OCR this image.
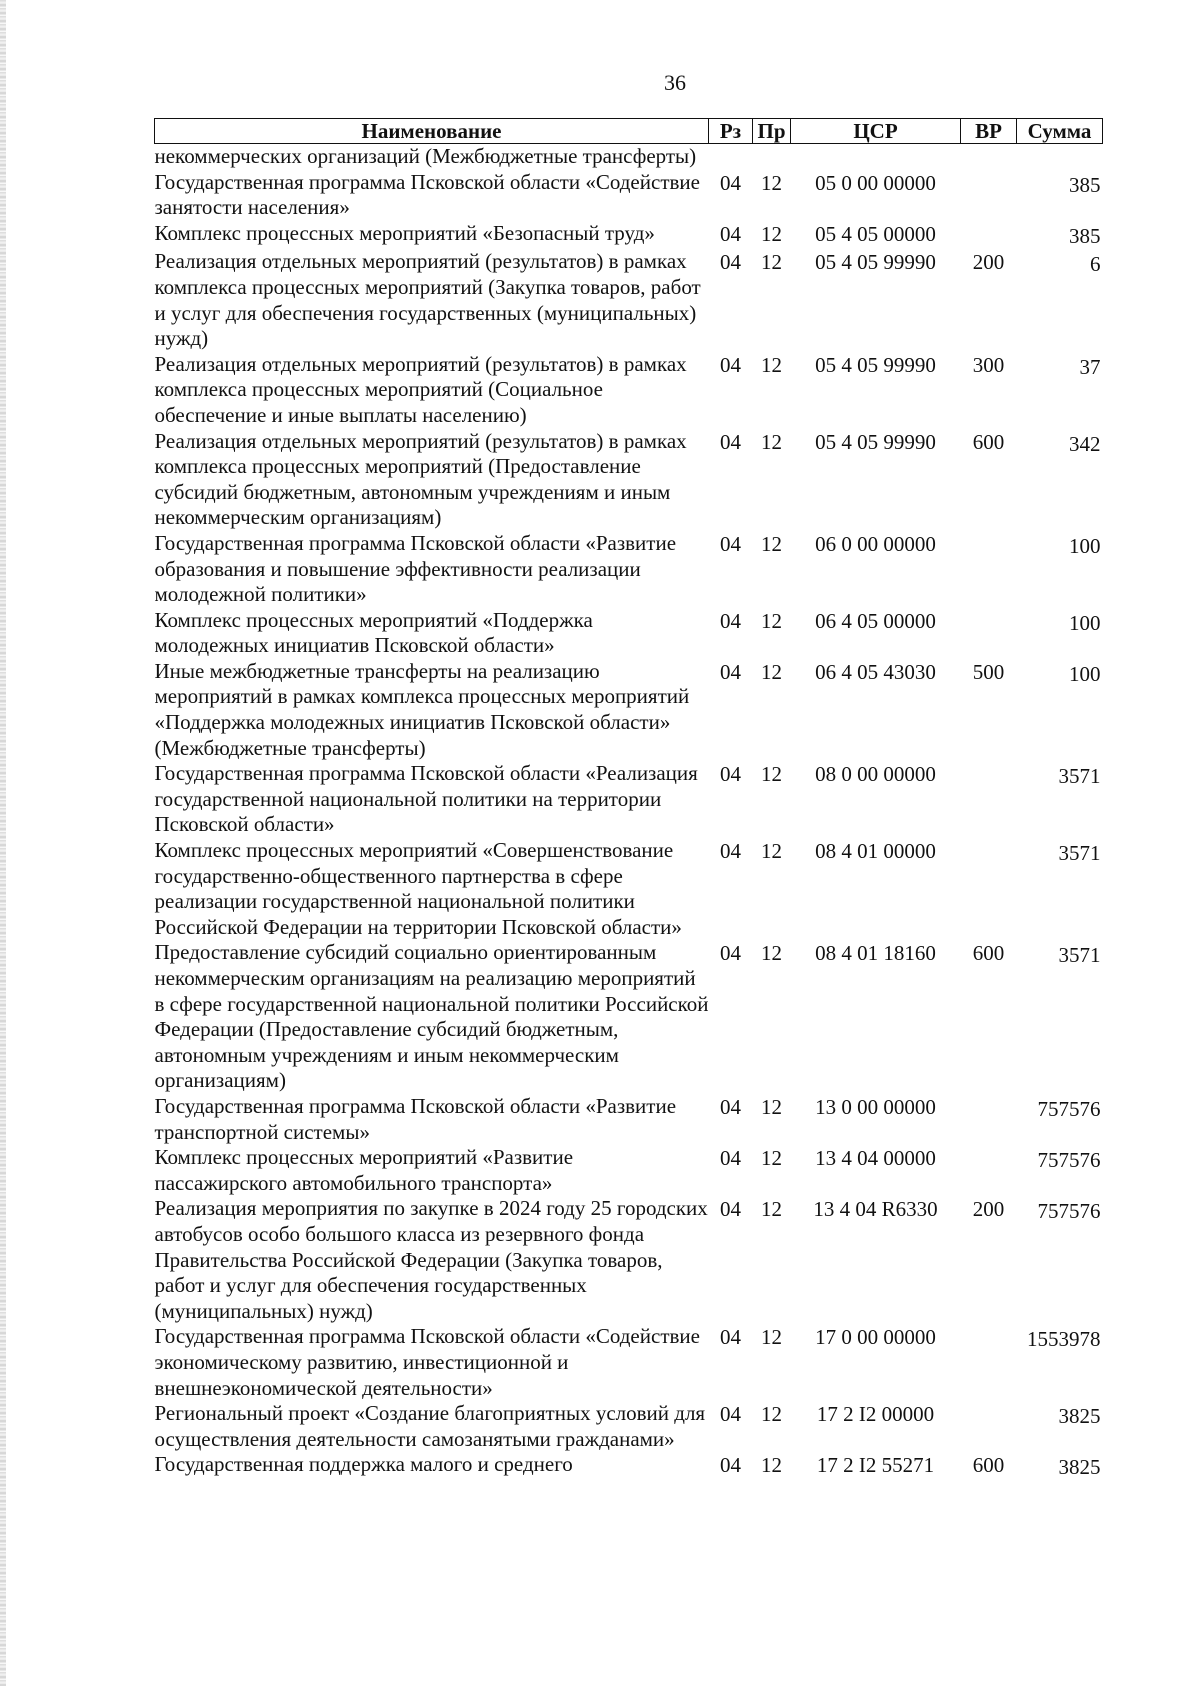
36
Наименование	Рз	Пр	ЦСР	ВР	Сумма
некоммерческих организаций (Межбюджетные трансферты)					
Государственная программа Псковской области «Содействие занятости населения»	04	12	05 0 00 00000		385
Комплекс процессных мероприятий «Безопасный труд»	04	12	05 4 05 00000		385
Реализация отдельных мероприятий (результатов) в рамках комплекса процессных мероприятий (Закупка товаров, работ и услуг для обеспечения государственных (муниципальных) нужд)	04	12	05 4 05 99990	200	6
Реализация отдельных мероприятий (результатов) в рамках комплекса процессных мероприятий (Социальное обеспечение и иные выплаты населению)	04	12	05 4 05 99990	300	37
Реализация отдельных мероприятий (результатов) в рамках комплекса процессных мероприятий (Предоставление субсидий бюджетным, автономным учреждениям и иным некоммерческим организациям)	04	12	05 4 05 99990	600	342
Государственная программа Псковской области «Развитие образования и повышение эффективности реализации молодежной политики»	04	12	06 0 00 00000		100
Комплекс процессных мероприятий «Поддержка молодежных инициатив Псковской области»	04	12	06 4 05 00000		100
Иные межбюджетные трансферты на реализацию мероприятий в рамках комплекса процессных мероприятий «Поддержка молодежных инициатив Псковской области» (Межбюджетные трансферты)	04	12	06 4 05 43030	500	100
Государственная программа Псковской области «Реализация государственной национальной политики на территории Псковской области»	04	12	08 0 00 00000		3571
Комплекс процессных мероприятий «Совершенствование государственно-общественного партнерства в сфере реализации государственной национальной политики Российской Федерации на территории Псковской области»	04	12	08 4 01 00000		3571
Предоставление субсидий социально ориентированным некоммерческим организациям на реализацию мероприятий в сфере государственной национальной политики Российской Федерации (Предоставление субсидий бюджетным, автономным учреждениям и иным некоммерческим организациям)	04	12	08 4 01 18160	600	3571
Государственная программа Псковской области «Развитие транспортной системы»	04	12	13 0 00 00000		757576
Комплекс процессных мероприятий «Развитие пассажирского автомобильного транспорта»	04	12	13 4 04 00000		757576
Реализация мероприятия по закупке в 2024 году 25 городских автобусов особо большого класса из резервного фонда Правительства Российской Федерации (Закупка товаров, работ и услуг для обеспечения государственных (муниципальных) нужд)	04	12	13 4 04 R6330	200	757576
Государственная программа Псковской области «Содействие экономическому развитию, инвестиционной и внешнеэкономической деятельности»	04	12	17 0 00 00000		1553978
Региональный проект «Создание благоприятных условий для осуществления деятельности самозанятыми гражданами»	04	12	17 2 I2 00000		3825
Государственная поддержка малого и среднего	04	12	17 2 I2 55271	600	3825
